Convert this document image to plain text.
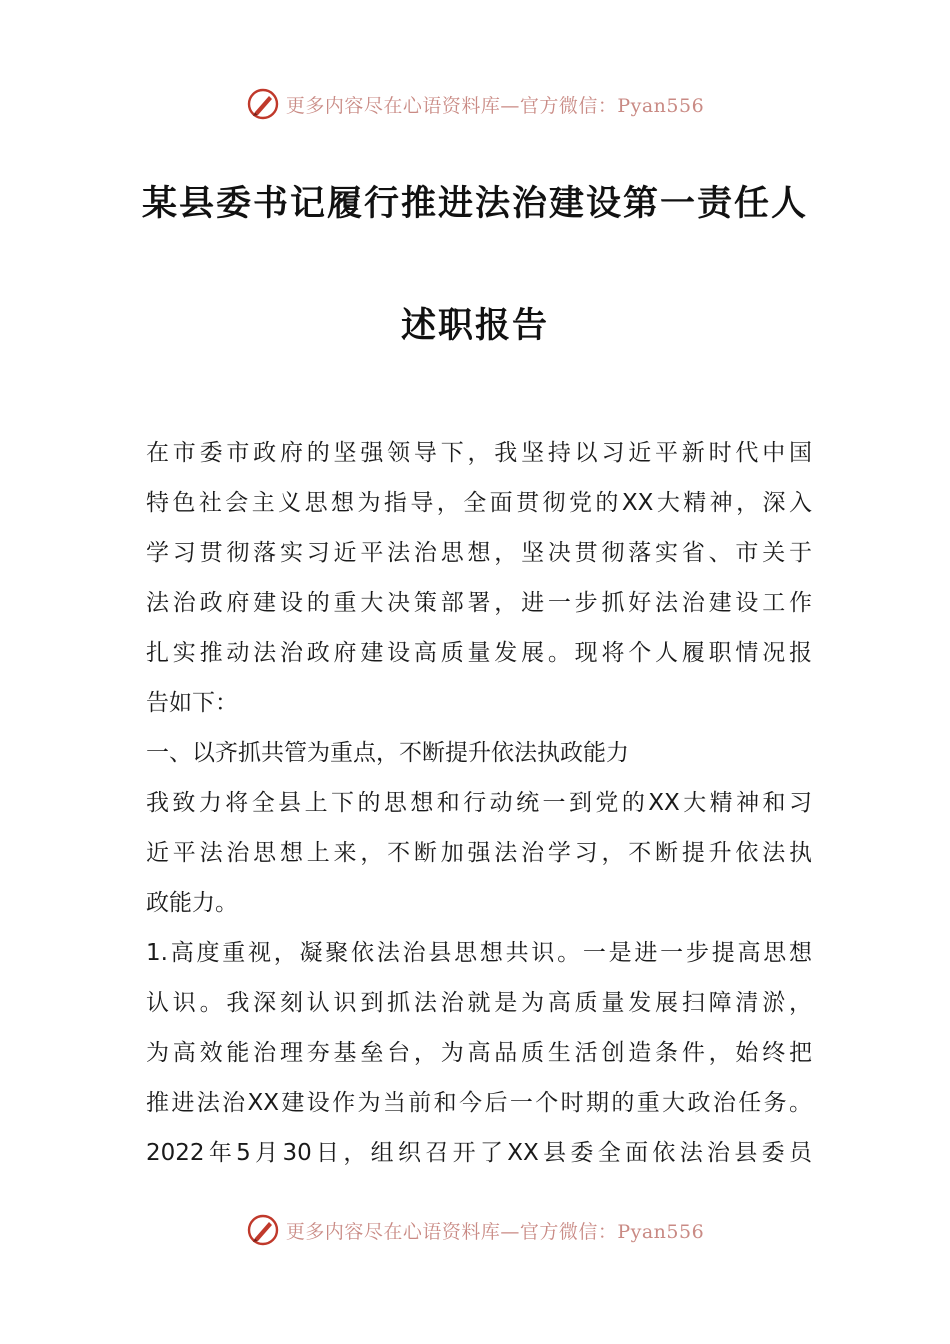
更多内容尽在心语资料库—官方微信：Pyan556
某县委书记履行推进法治建设第一责任人
述职报告
在市委市政府的坚强领导下，我坚持以习近平新时代中国
特色社会主义思想为指导，全面贯彻党的XX大精神，深入
学习贯彻落实习近平法治思想，坚决贯彻落实省、市关于
法治政府建设的重大决策部署，进一步抓好法治建设工作
扎实推动法治政府建设高质量发展。现将个人履职情况报
告如下：
一、以齐抓共管为重点，不断提升依法执政能力
我致力将全县上下的思想和行动统一到党的XX大精神和习
近平法治思想上来，不断加强法治学习，不断提升依法执
政能力。
1.高度重视，凝聚依法治县思想共识。一是进一步提高思想
认识。我深刻认识到抓法治就是为高质量发展扫障清淤，
为高效能治理夯基垒台，为高品质生活创造条件，始终把
推进法治XX建设作为当前和今后一个时期的重大政治任务。
2022年5月30日，组织召开了XX县委全面依法治县委员
更多内容尽在心语资料库—官方微信：Pyan556
